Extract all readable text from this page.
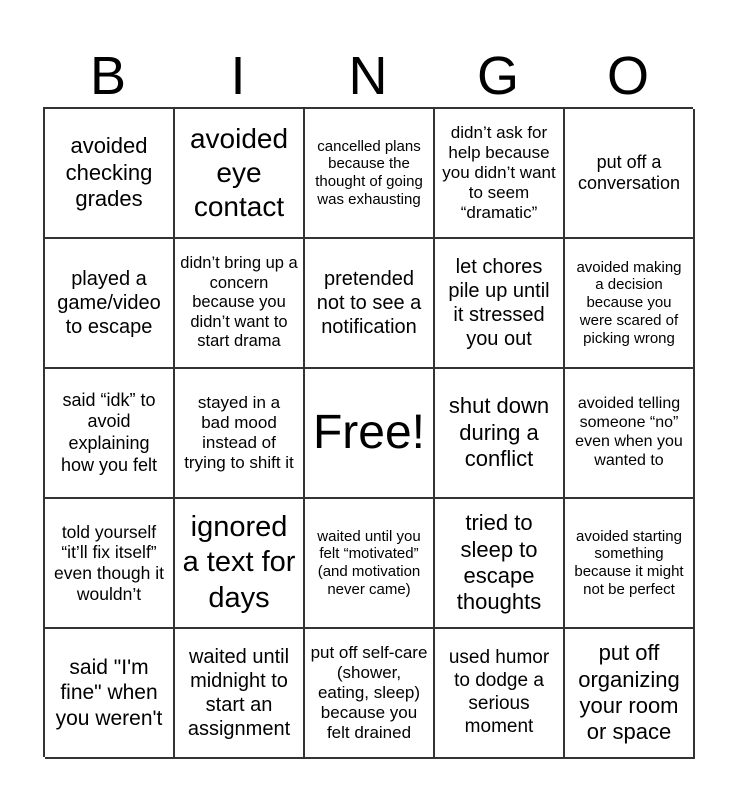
B	I	N	G	O
avoided checking grades
avoided eye contact
cancelled plans because the thought of going was exhausting
didn’t ask for help because you didn’t want to seem “dramatic”
put off a conversation
played a game/video to escape
didn’t bring up a concern because you didn’t want to start drama
pretended not to see a notification
let chores pile up until it stressed you out
avoided making a decision because you were scared of picking wrong
said “idk” to avoid explaining how you felt
stayed in a bad mood instead of trying to shift it
Free!
shut down during a conflict
avoided telling someone “no” even when you wanted to
told yourself “it’ll fix itself” even though it wouldn’t
ignored a text for days
waited until you felt “motivated” (and motivation never came)
tried to sleep to escape thoughts
avoided starting something because it might not be perfect
said "I'm fine" when you weren't
waited until midnight to start an assignment
put off self-care (shower, eating, sleep) because you felt drained
used humor to dodge a serious moment
put off organizing your room or space
